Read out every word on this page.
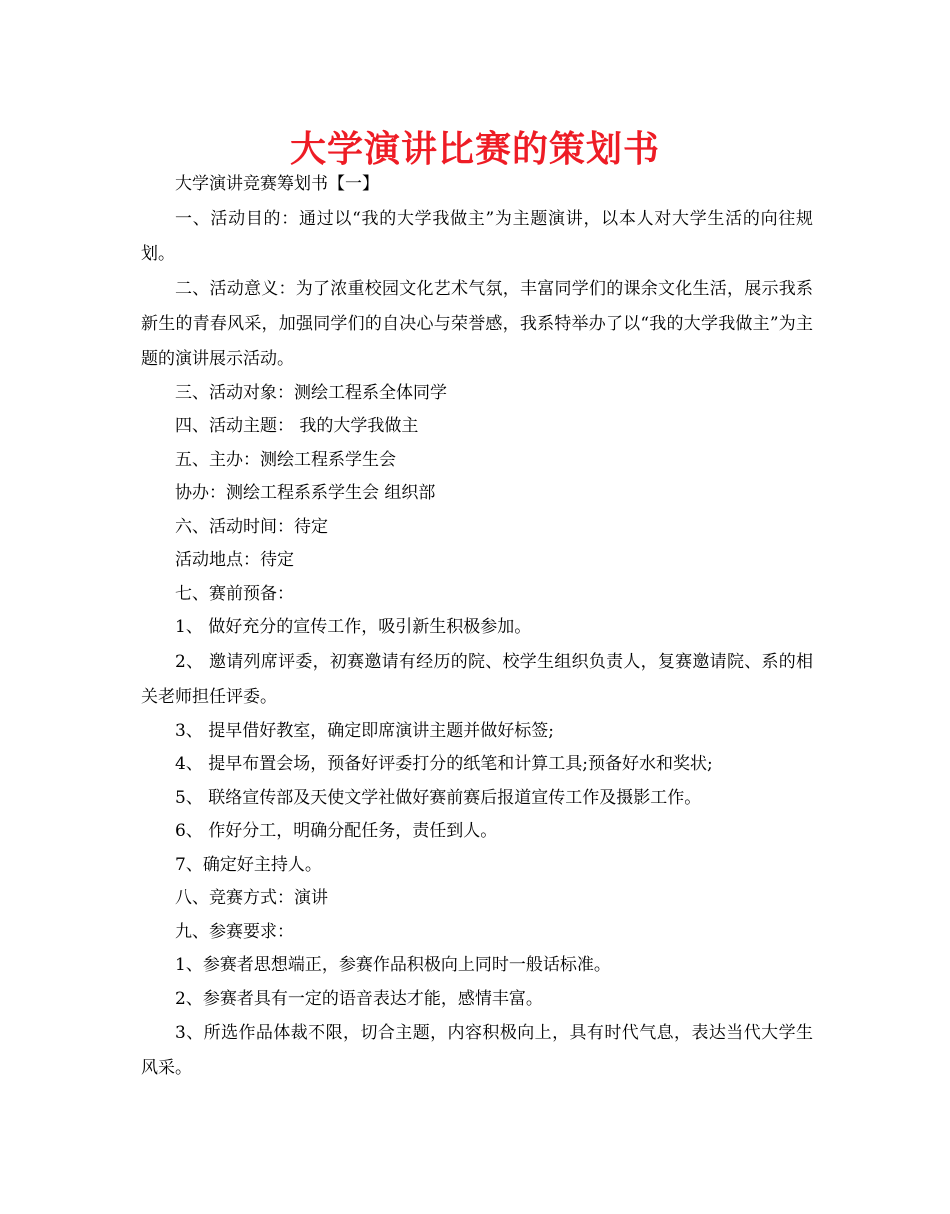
大学演讲比赛的策划书

大学演讲竞赛筹划书【一】

一、活动目的：通过以“我的大学我做主”为主题演讲，以本人对大学生活的向往规划。

二、活动意义：为了浓重校园文化艺术气氛，丰富同学们的课余文化生活，展示我系新生的青春风采，加强同学们的自决心与荣誉感，我系特举办了以“我的大学我做主”为主题的演讲展示活动。

三、活动对象：测绘工程系全体同学

四、活动主题： 我的大学我做主

五、主办：测绘工程系学生会

协办：测绘工程系系学生会 组织部

六、活动时间：待定

活动地点：待定

七、赛前预备：

1、 做好充分的宣传工作，吸引新生积极参加。

2、 邀请列席评委，初赛邀请有经历的院、校学生组织负责人，复赛邀请院、系的相关老师担任评委。

3、 提早借好教室，确定即席演讲主题并做好标签;

4、 提早布置会场，预备好评委打分的纸笔和计算工具;预备好水和奖状;

5、 联络宣传部及天使文学社做好赛前赛后报道宣传工作及摄影工作。

6、 作好分工，明确分配任务，责任到人。

7、确定好主持人。

八、竞赛方式：演讲

九、参赛要求：

1、参赛者思想端正，参赛作品积极向上同时一般话标准。

2、参赛者具有一定的语音表达才能，感情丰富。

3、所选作品体裁不限，切合主题，内容积极向上，具有时代气息，表达当代大学生风采。
